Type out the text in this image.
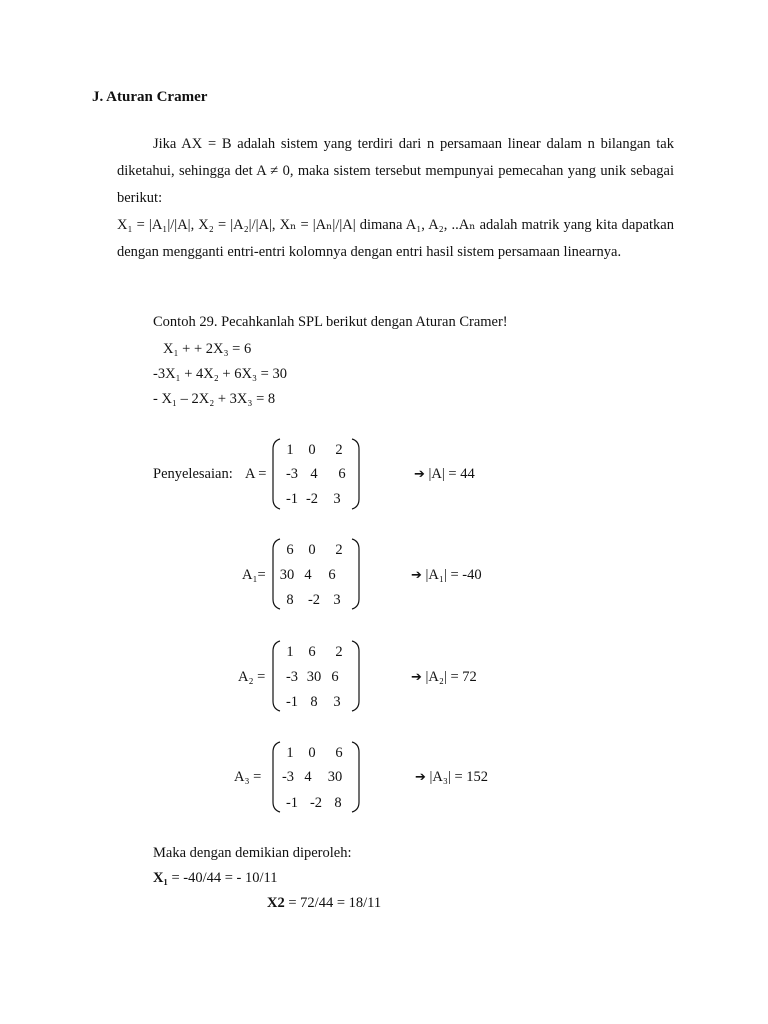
J. Aturan Cramer

Jika AX = B adalah sistem yang terdiri dari n persamaan linear dalam n bilangan tak diketahui, sehingga det A ≠ 0, maka sistem tersebut mempunyai pemecahan yang unik sebagai berikut:

X₁ = |A₁|/|A|, X₂ = |A₂|/|A|, Xₙ = |Aₙ|/|A| dimana A₁, A₂, ..Aₙ adalah matrik yang kita dapatkan dengan mengganti entri-entri kolomnya dengan entri hasil sistem persamaan linearnya.

Contoh 29. Pecahkanlah SPL berikut dengan Aturan Cramer!
X₁ + + 2X₃ = 6
-3X₁ + 4X₂ + 6X₃ = 30
- X₁ – 2X₂ + 3X₃ = 8
Penyelesaian: A =
1	0	2
-3 4	6
-1 -2	3
➔ |A| = 44
A₁=
6	0	2
30 4	6
8 -2 3
➔ |A₁| = -40
A₂ =
1	6	2
-3 30 6
-1 8	3
➔ |A₂| = 72
A₃ =
1	0	6
-3 4	30
-1 -2 8
➔ |A₃| = 152
Maka dengan demikian diperoleh:
X₁ = -40/44 = - 10/11
X2 = 72/44 = 18/11
